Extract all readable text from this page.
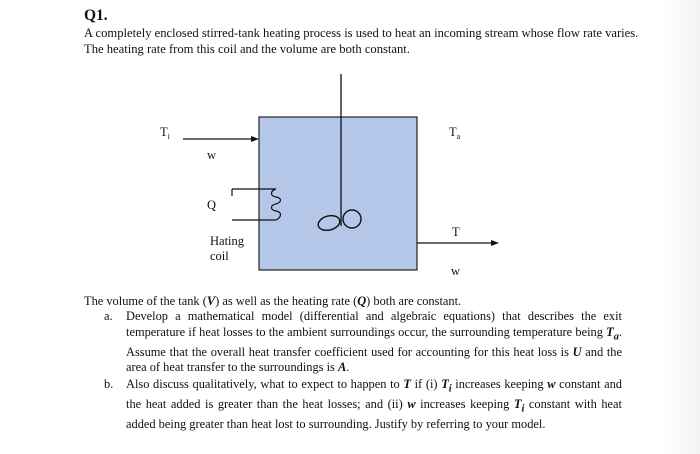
Q1.

A completely enclosed stirred-tank heating process is used to heat an incoming stream whose flow rate varies. The heating rate from this coil and the volume are both constant.

$T_i$
w
Q
Hating
coil
$T_a$
T
w

The volume of the tank (V) as well as the heating rate (Q) both are constant.

a. Develop a mathematical model (differential and algebraic equations) that describes the exit temperature if heat losses to the ambient surroundings occur, the surrounding temperature being $T_a$. Assume that the overall heat transfer coefficient used for accounting for this heat loss is U and the area of heat transfer to the surroundings is A.
b. Also discuss qualitatively, what to expect to happen to T if (i) $T_i$ increases keeping w constant and the heat added is greater than the heat losses; and (ii) w increases keeping $T_i$ constant with heat added being greater than heat lost to surrounding. Justify by referring to your model.
